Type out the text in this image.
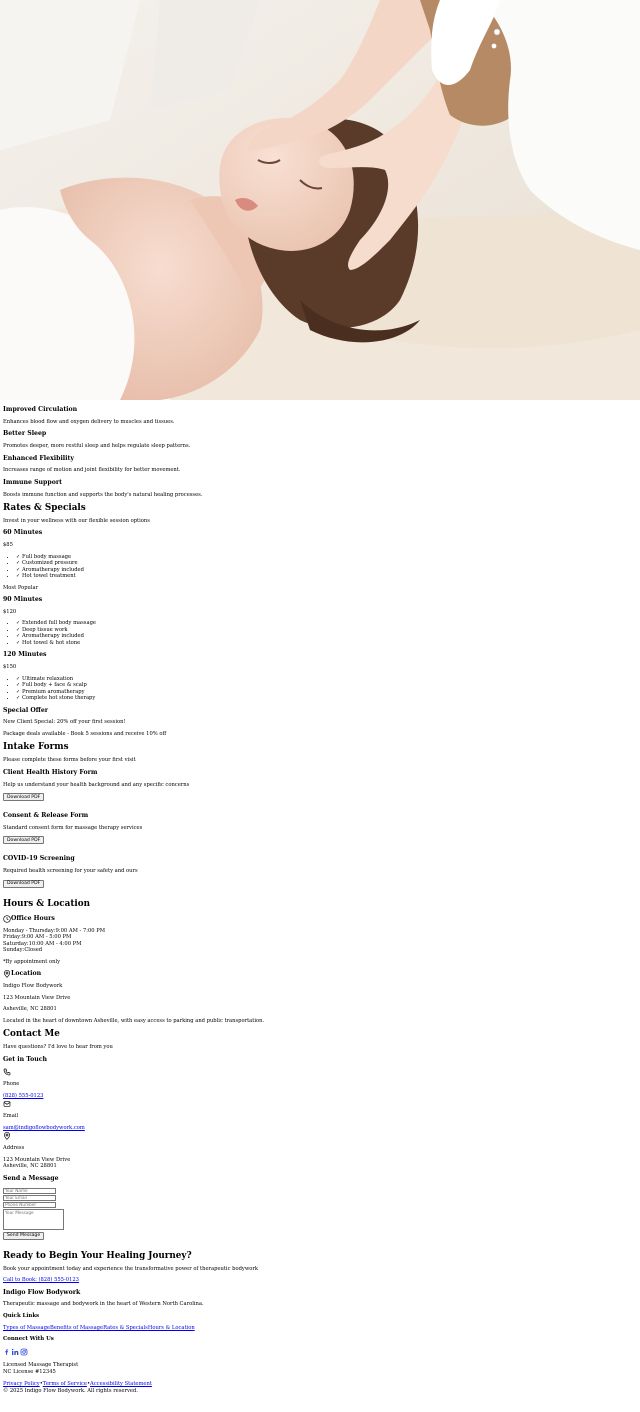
Improved Circulation

Enhances blood flow and oxygen delivery to muscles and tissues.

Better Sleep

Promotes deeper, more restful sleep and helps regulate sleep patterns.

Enhanced Flexibility

Increases range of motion and joint flexibility for better movement.

Immune Support

Boosts immune function and supports the body's natural healing processes.

Rates & Specials

Invest in your wellness with our flexible session options

60 Minutes

$85

• ✓ Full body massage
• ✓ Customized pressure
• ✓ Aromatherapy included
• ✓ Hot towel treatment

Most Popular

90 Minutes

$120

• ✓ Extended full body massage
• ✓ Deep tissue work
• ✓ Aromatherapy included
• ✓ Hot towel & hot stone
120 Minutes

$150

• ✓ Ultimate relaxation
• ✓ Full body + face & scalp
• ✓ Premium aromatherapy
• ✓ Complete hot stone therapy
Special Offer

New Client Special: 20% off your first session!

Package deals available - Book 5 sessions and receive 10% off

Intake Forms

Please complete these forms before your first visit

Client Health History Form

Help us understand your health background and any specific concerns

Download PDF
Consent & Release Form

Standard consent form for massage therapy services

Download PDF
COVID-19 Screening

Required health screening for your safety and ours

Download PDF
Hours & Location
Office Hours
Monday - Thursday:9:00 AM - 7:00 PM
Friday:9:00 AM - 5:00 PM
Saturday:10:00 AM - 4:00 PM
Sunday:Closed

*By appointment only

Location

Indigo Flow Bodywork

123 Mountain View Drive

Asheville, NC 28801

Located in the heart of downtown Asheville, with easy access to parking and public transportation.

Contact Me

Have questions? I'd love to hear from you

Get in Touch

Phone

(828) 555-0123

Email

sam@indigoflowbodywork.com

Address

123 Mountain View Drive
Asheville, NC 28801
Send a Message
Your Name
Your Email
Phone Number
Your Message Send Message
Ready to Begin Your Healing Journey?

Book your appointment today and experience the transformative power of therapeutic bodywork

Call to Book: (828) 555-0123

Indigo Flow Bodywork

Therapeutic massage and bodywork in the heart of Western North Carolina.

Quick Links

Types of MassageBenefits of MassageRates & SpecialsHours & Location

Connect With Us
Licensed Massage Therapist
NC License #12345
Privacy Policy•Terms of Service•Accessibility Statement
© 2025 Indigo Flow Bodywork. All rights reserved.
